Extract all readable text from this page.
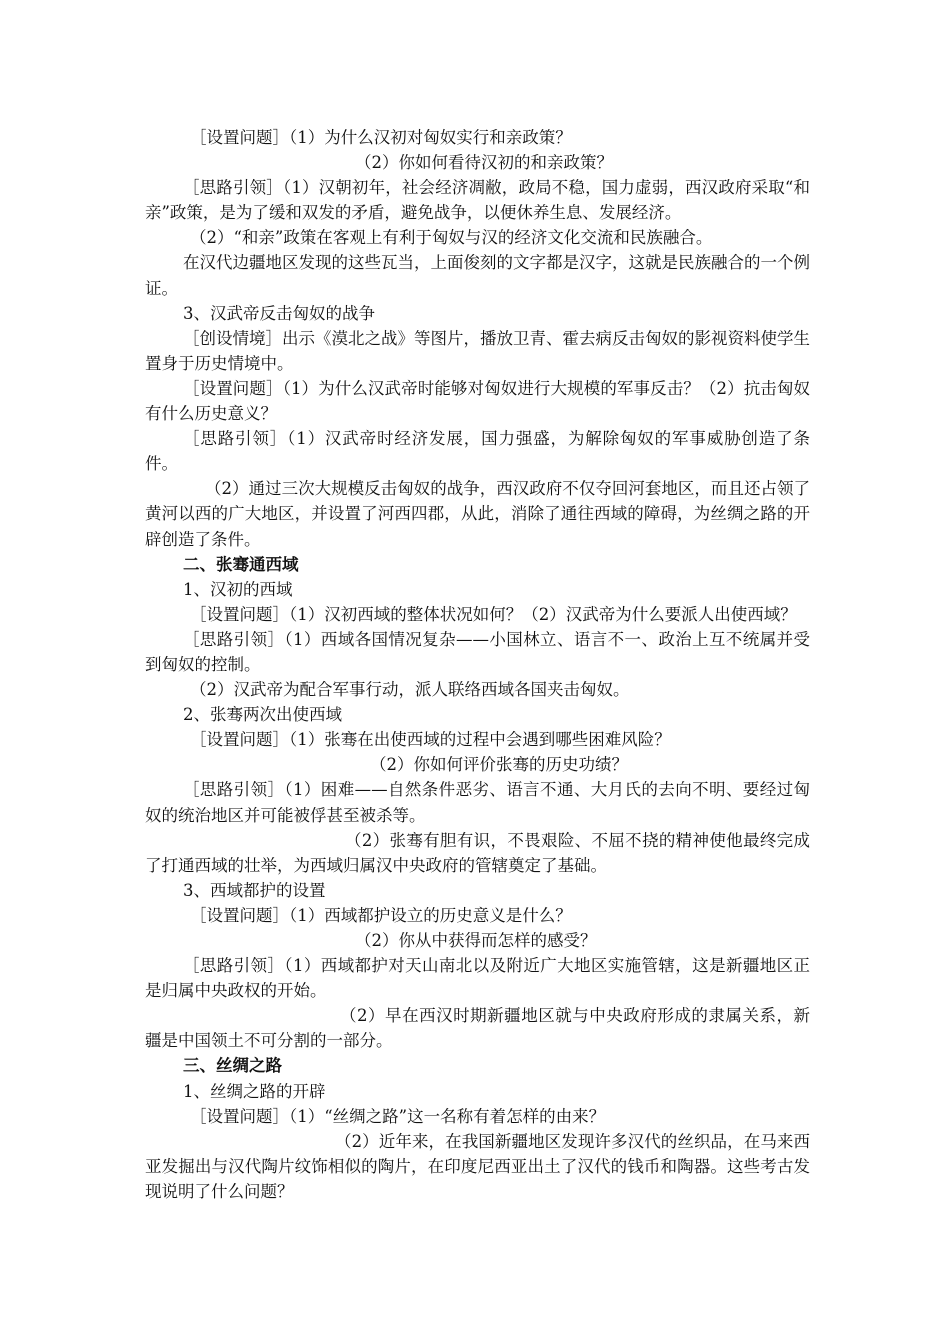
［设置问题］（1）为什么汉初对匈奴实行和亲政策？

（2）你如何看待汉初的和亲政策？

［思路引领］（1）汉朝初年，社会经济凋敝，政局不稳，国力虚弱，西汉政府采取“和亲”政策，是为了缓和双发的矛盾，避免战争，以便休养生息、发展经济。

（2）“和亲”政策在客观上有利于匈奴与汉的经济文化交流和民族融合。

在汉代边疆地区发现的这些瓦当，上面俊刻的文字都是汉字，这就是民族融合的一个例证。

3、汉武帝反击匈奴的战争

［创设情境］出示《漠北之战》等图片，播放卫青、霍去病反击匈奴的影视资料使学生置身于历史情境中。

［设置问题］（1）为什么汉武帝时能够对匈奴进行大规模的军事反击？（2）抗击匈奴有什么历史意义？

［思路引领］（1）汉武帝时经济发展，国力强盛，为解除匈奴的军事威胁创造了条件。

（2）通过三次大规模反击匈奴的战争，西汉政府不仅夺回河套地区，而且还占领了黄河以西的广大地区，并设置了河西四郡，从此，消除了通往西域的障碍，为丝绸之路的开辟创造了条件。

二、张骞通西域

1、汉初的西域

［设置问题］（1）汉初西域的整体状况如何？（2）汉武帝为什么要派人出使西域？

［思路引领］（1）西域各国情况复杂——小国林立、语言不一、政治上互不统属并受到匈奴的控制。

（2）汉武帝为配合军事行动，派人联络西域各国夹击匈奴。

2、张骞两次出使西域

［设置问题］（1）张骞在出使西域的过程中会遇到哪些困难风险？

（2）你如何评价张骞的历史功绩？

［思路引领］（1）困难——自然条件恶劣、语言不通、大月氏的去向不明、要经过匈奴的统治地区并可能被俘甚至被杀等。

（2）张骞有胆有识，不畏艰险、不屈不挠的精神使他最终完成了打通西域的壮举，为西域归属汉中央政府的管辖奠定了基础。

3、西域都护的设置

［设置问题］（1）西域都护设立的历史意义是什么？

（2）你从中获得而怎样的感受？

［思路引领］（1）西域都护对天山南北以及附近广大地区实施管辖，这是新疆地区正是归属中央政权的开始。

（2）早在西汉时期新疆地区就与中央政府形成的隶属关系，新疆是中国领土不可分割的一部分。

三、丝绸之路

1、丝绸之路的开辟

［设置问题］（1）“丝绸之路”这一名称有着怎样的由来？

（2）近年来，在我国新疆地区发现许多汉代的丝织品，在马来西亚发掘出与汉代陶片纹饰相似的陶片，在印度尼西亚出土了汉代的钱币和陶器。这些考古发现说明了什么问题？
